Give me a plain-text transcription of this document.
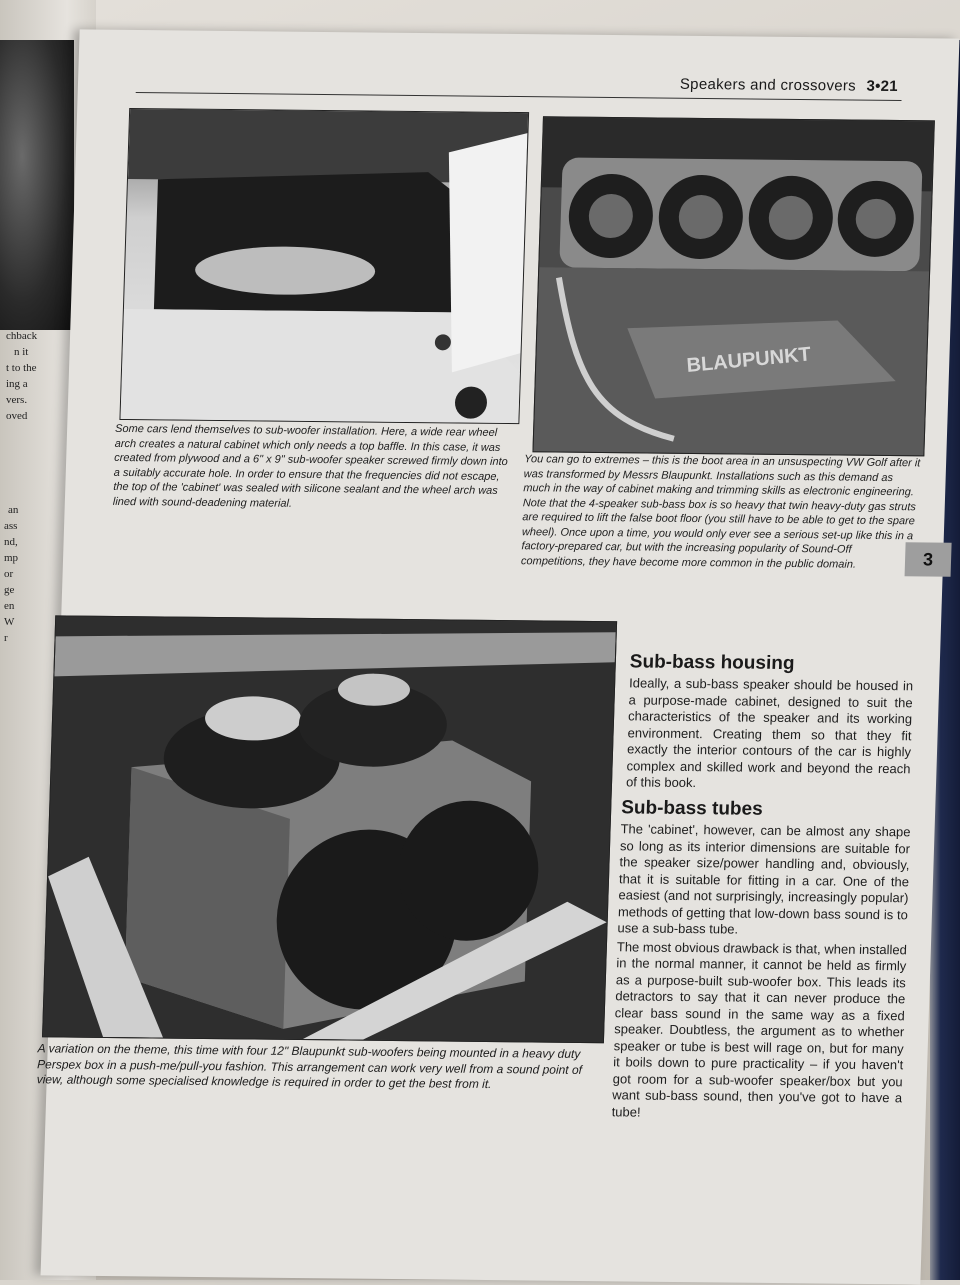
chback
n it
t to the
ing a
vers.
oved
an
ass
nd,
mp
or
ge
en
W
r
Speakers and crossovers 3•21
Some cars lend themselves to sub-woofer installation. Here, a wide rear wheel arch creates a natural cabinet which only needs a top baffle. In this case, it was created from plywood and a 6" x 9" sub-woofer speaker screwed firmly down into a suitably accurate hole. In order to ensure that the frequencies did not escape, the top of the 'cabinet' was sealed with silicone sealant and the wheel arch was lined with sound-deadening material.
BLAUPUNKT
You can go to extremes – this is the boot area in an unsuspecting VW Golf after it was transformed by Messrs Blaupunkt. Installations such as this demand as much in the way of cabinet making and trimming skills as electronic engineering. Note that the 4-speaker sub-bass box is so heavy that twin heavy-duty gas struts are required to lift the false boot floor (you still have to be able to get to the spare wheel). Once upon a time, you would only ever see a serious set-up like this in a factory-prepared car, but with the increasing popularity of Sound-Off competitions, they have become more common in the public domain.	3
A variation on the theme, this time with four 12" Blaupunkt sub-woofers being mounted in a heavy duty Perspex box in a push-me/pull-you fashion. This arrangement can work very well from a sound point of view, although some specialised knowledge is required in order to get the best from it.
Sub-bass housing

Ideally, a sub-bass speaker should be housed in a purpose-made cabinet, designed to suit the characteristics of the speaker and its working environment. Creating them so that they fit exactly the interior contours of the car is highly complex and skilled work and beyond the reach of this book.

Sub-bass tubes

The 'cabinet', however, can be almost any shape so long as its interior dimensions are suitable for the speaker size/power handling and, obviously, that it is suitable for fitting in a car. One of the easiest (and not surprisingly, increasingly popular) methods of getting that low-down bass sound is to use a sub-bass tube.

The most obvious drawback is that, when installed in the normal manner, it cannot be held as firmly as a purpose-built sub-woofer box. This leads its detractors to say that it can never produce the clear bass sound in the same way as a fixed speaker. Doubtless, the argument as to whether speaker or tube is best will rage on, but for many it boils down to pure practicality – if you haven't got room for a sub-woofer speaker/box but you want sub-bass sound, then you've got to have a tube!
